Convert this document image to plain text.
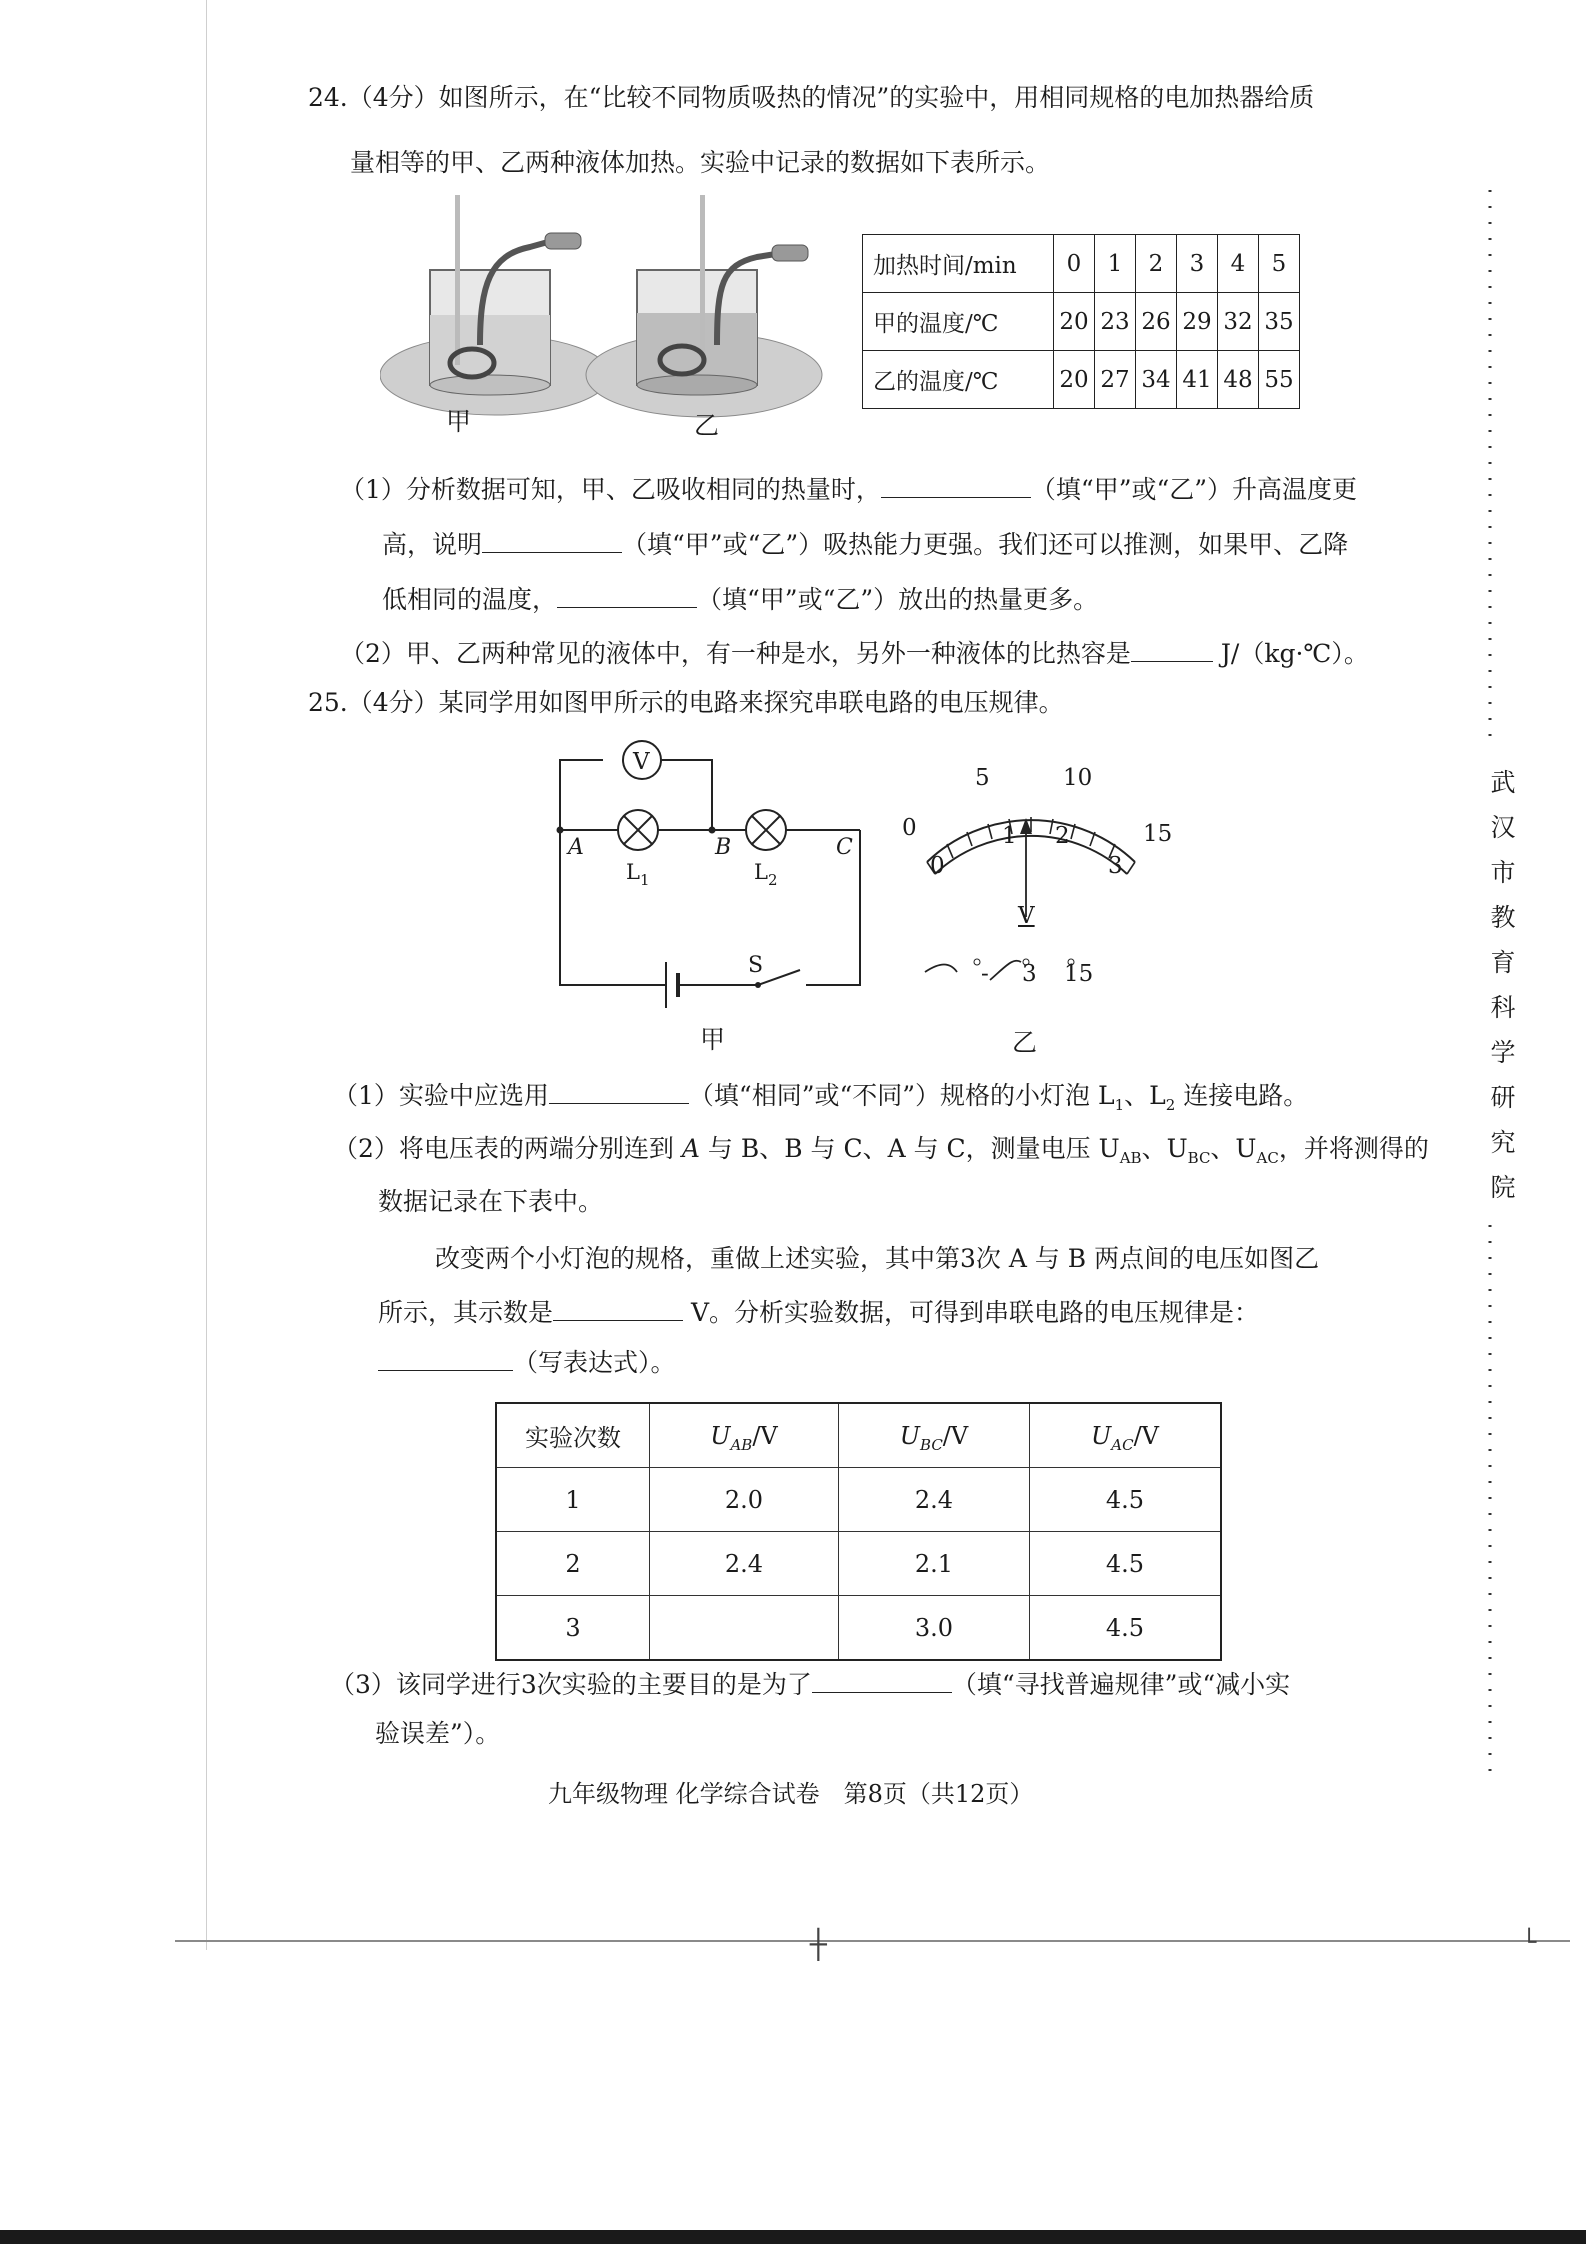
24.（4分）如图所示，在“比较不同物质吸热的情况”的实验中，用相同规格的电加热器给质
量相等的甲、乙两种液体加热。实验中记录的数据如下表所示。
甲	乙
加热时间/min	0	1	2	3	4	5
甲的温度/℃	20	23	26	29	32	35
乙的温度/℃	20	27	34	41	48	55
（1）分析数据可知，甲、乙吸收相同的热量时，	（填“甲”或“乙”）升高温度更
高，说明	（填“甲”或“乙”）吸热能力更强。我们还可以推测，如果甲、乙降
低相同的温度，	（填“甲”或“乙”）放出的热量更多。
（2）甲、乙两种常见的液体中，有一种是水，另外一种液体的比热容是	J/（kg·℃）。
25.（4分）某同学用如图甲所示的电路来探究串联电路的电压规律。
V
A	B	C
$L_1$	$L_2$
S
甲
0
5	10
15
0
1 2
3
V
- 3 15
乙
（1）实验中应选用	（填“相同”或“不同”）规格的小灯泡 $L_1$、$L_2$ 连接电路。
（2）将电压表的两端分别连到 A 与 B、B 与 C、A 与 C，测量电压 $U_{AB}$、$U_{BC}$、$U_{AC}$，并将测得的
数据记录在下表中。
改变两个小灯泡的规格，重做上述实验，其中第3次 A 与 B 两点间的电压如图乙
所示，其示数是	V。分析实验数据，可得到串联电路的电压规律是：
（写表达式）。
实验次数	$U_{AB}/V$	$U_{BC}/V$	$U_{AC}/V$
1	2.0	2.4	4.5
2	2.4	2.1	4.5
3		3.0	4.5
（3）该同学进行3次实验的主要目的是为了	（填“寻找普遍规律”或“减小实
验误差”）。
九年级物理 化学综合试卷　第8页（共12页）
武
汉
市
教
育
科
学
研
究
院
┼	└
